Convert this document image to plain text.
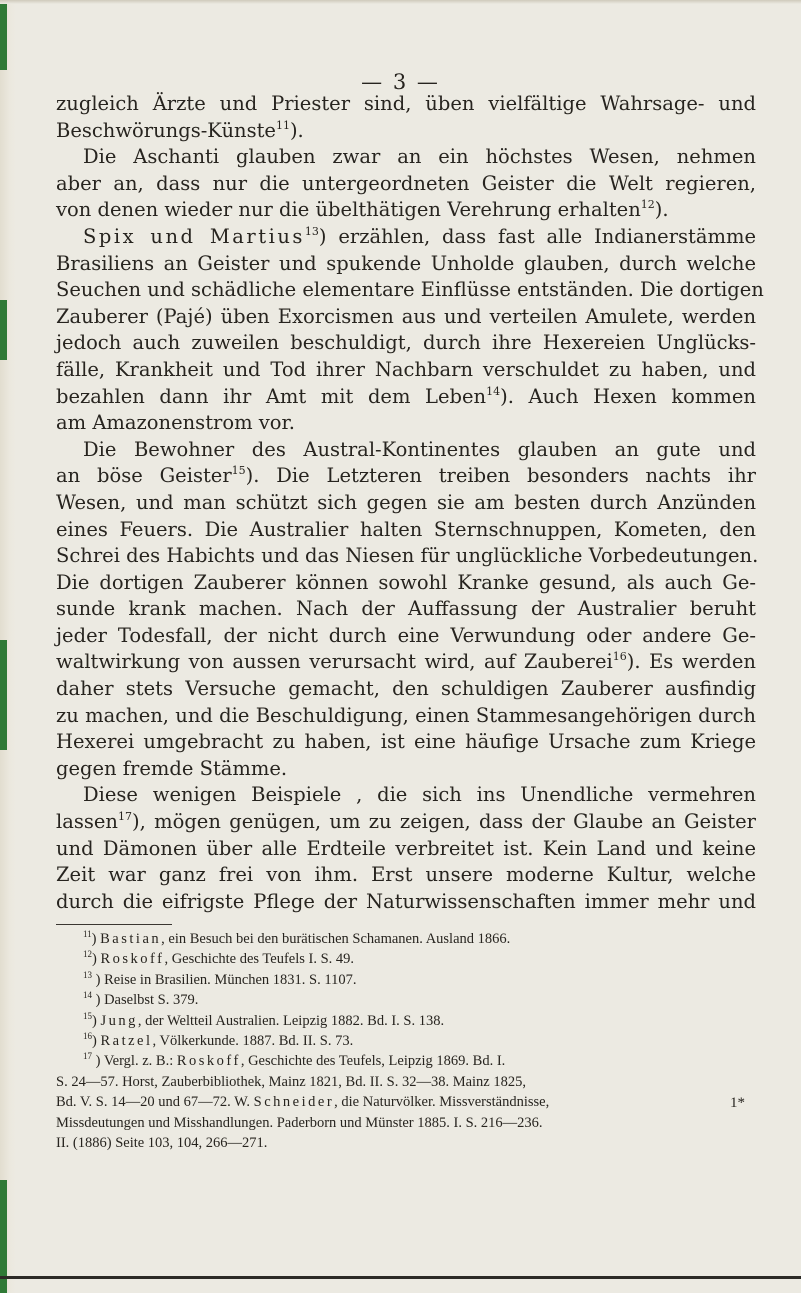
— 3 —
zugleich Ärzte und Priester sind, üben vielfältige Wahrsage- und
Beschwörungs-Künste$^{11}$).
Die Aschanti glauben zwar an ein höchstes Wesen, nehmen
aber an, dass nur die untergeordneten Geister die Welt regieren,
von denen wieder nur die übelthätigen Verehrung erhalten$^{12}$).
Spix und Martius$^{13}$) erzählen, dass fast alle Indianerstämme
Brasiliens an Geister und spukende Unholde glauben, durch welche
Seuchen und schädliche elementare Einflüsse entständen. Die dortigen
Zauberer (Pajé) üben Exorcismen aus und verteilen Amulete, werden
jedoch auch zuweilen beschuldigt, durch ihre Hexereien Unglücks-
fälle, Krankheit und Tod ihrer Nachbarn verschuldet zu haben, und
bezahlen dann ihr Amt mit dem Leben$^{14}$). Auch Hexen kommen
am Amazonenstrom vor.
Die Bewohner des Austral-Kontinentes glauben an gute und
an böse Geister$^{15}$). Die Letzteren treiben besonders nachts ihr
Wesen, und man schützt sich gegen sie am besten durch Anzünden
eines Feuers. Die Australier halten Sternschnuppen, Kometen, den
Schrei des Habichts und das Niesen für unglückliche Vorbedeutungen.
Die dortigen Zauberer können sowohl Kranke gesund, als auch Ge-
sunde krank machen. Nach der Auffassung der Australier beruht
jeder Todesfall, der nicht durch eine Verwundung oder andere Ge-
waltwirkung von aussen verursacht wird, auf Zauberei$^{16}$). Es werden
daher stets Versuche gemacht, den schuldigen Zauberer ausfindig
zu machen, und die Beschuldigung, einen Stammesangehörigen durch
Hexerei umgebracht zu haben, ist eine häufige Ursache zum Kriege
gegen fremde Stämme.
Diese wenigen Beispiele , die sich ins Unendliche vermehren
lassen$^{17}$), mögen genügen, um zu zeigen, dass der Glaube an Geister
und Dämonen über alle Erdteile verbreitet ist. Kein Land und keine
Zeit war ganz frei von ihm. Erst unsere moderne Kultur, welche
durch die eifrigste Pflege der Naturwissenschaften immer mehr und
$^{11}$) Bastian, ein Besuch bei den burätischen Schamanen. Ausland 1866.
$^{12}$) Roskoff, Geschichte des Teufels I. S. 49.
$^{13}$ ) Reise in Brasilien. München 1831. S. 1107.
$^{14}$ ) Daselbst S. 379.
$^{15}$) Jung, der Weltteil Australien. Leipzig 1882. Bd. I. S. 138.
$^{16}$) Ratzel, Völkerkunde. 1887. Bd. II. S. 73.
$^{17}$ ) Vergl. z. B.: Roskoff, Geschichte des Teufels, Leipzig 1869. Bd. I.
S. 24—57. Horst, Zauberbibliothek, Mainz 1821, Bd. II. S. 32—38. Mainz 1825,
Bd. V. S. 14—20 und 67—72. W. Schneider, die Naturvölker. Missverständnisse,
Missdeutungen und Misshandlungen. Paderborn und Münster 1885. I. S. 216—236.
II. (1886) Seite 103, 104, 266—271.
1*
